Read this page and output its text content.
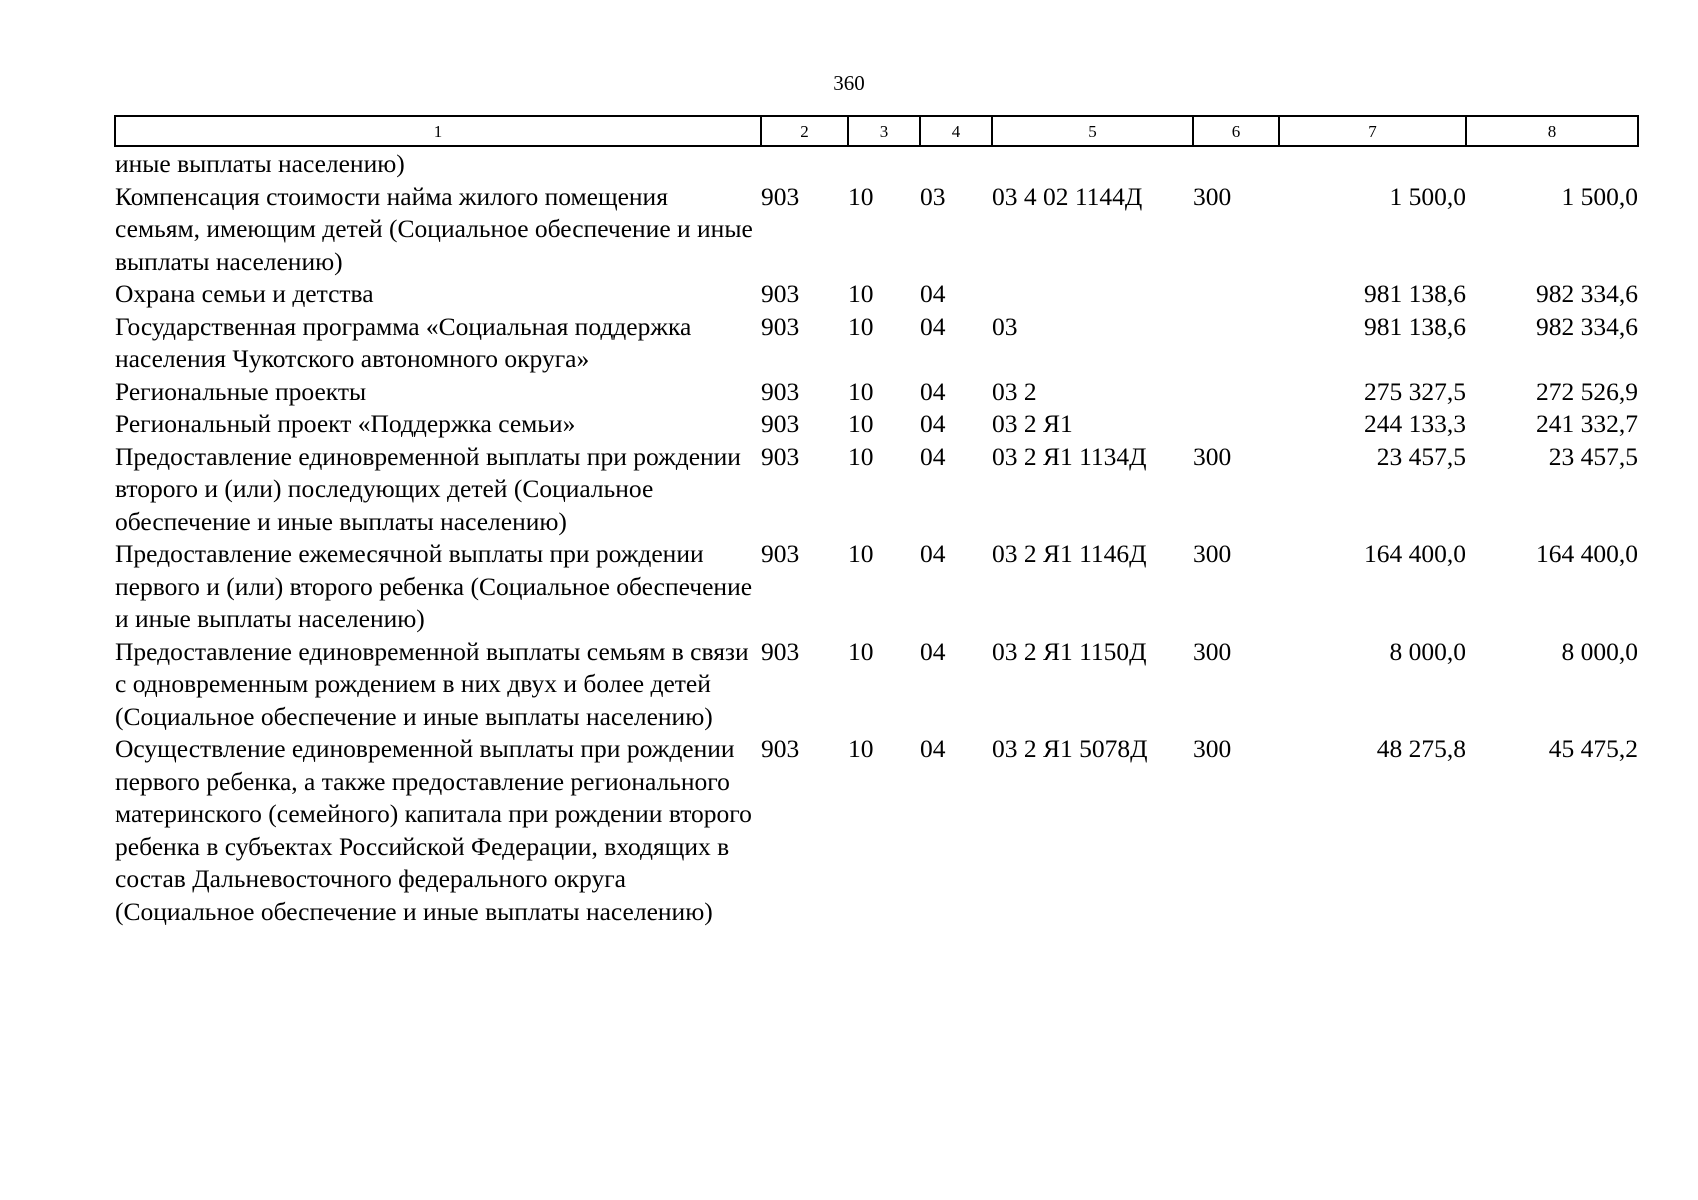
360
1	2	3	4	5	6	7	8
иные выплаты населению)							
Компенсация стоимости найма жилого помещения семьям, имеющим детей (Социальное обеспечение и иные выплаты населению)	903	10	03	03 4 02 1144Д	300	1 500,0	1 500,0
Охрана семьи и детства	903	10	04			981 138,6	982 334,6
Государственная программа «Социальная поддержка населения Чукотского автономного округа»	903	10	04	03		981 138,6	982 334,6
Региональные проекты	903	10	04	03 2		275 327,5	272 526,9
Региональный проект «Поддержка семьи»	903	10	04	03 2 Я1		244 133,3	241 332,7
Предоставление единовременной выплаты при рождении второго и (или) последующих детей (Социальное обеспечение и иные выплаты населению)	903	10	04	03 2 Я1 1134Д	300	23 457,5	23 457,5
Предоставление ежемесячной выплаты при рождении первого и (или) второго ребенка (Социальное обеспечение и иные выплаты населению)	903	10	04	03 2 Я1 1146Д	300	164 400,0	164 400,0
Предоставление единовременной выплаты семьям в связи с одновременным рождением в них двух и более детей (Социальное обеспечение и иные выплаты населению)	903	10	04	03 2 Я1 1150Д	300	8 000,0	8 000,0
Осуществление единовременной выплаты при рождении первого ребенка, а также предоставление регионального материнского (семейного) капитала при рождении второго ребенка в субъектах Российской Федерации, входящих в состав Дальневосточного федерального округа (Социальное обеспечение и иные выплаты населению)	903	10	04	03 2 Я1 5078Д	300	48 275,8	45 475,2
